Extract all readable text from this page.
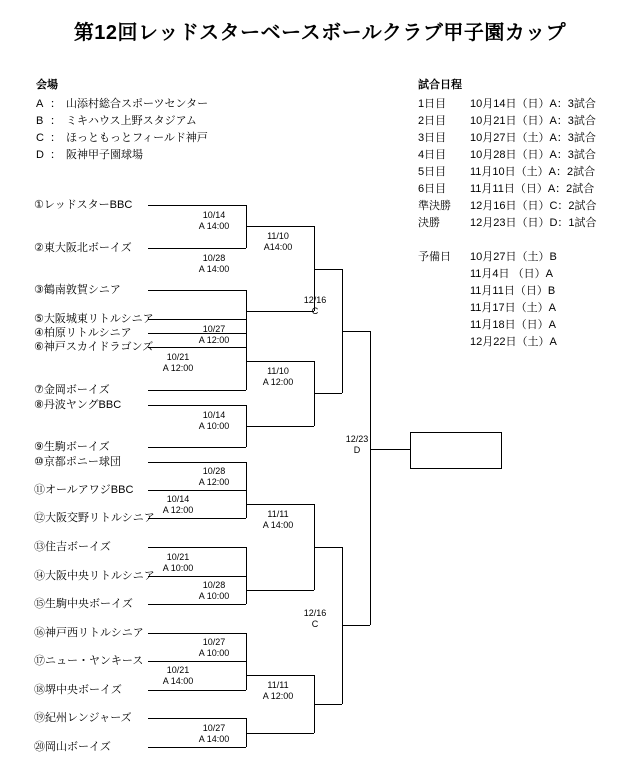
第12回レッドスターベースボールクラブ甲子園カップ
会場
A ： 山添村総合スポーツセンター
B ： ミキハウス上野スタジアム
C ： ほっともっとフィールド神戸
D ： 阪神甲子園球場
試合日程
1日目 10月14日（日）A：3試合
2日目 10月21日（日）A：3試合
3日目 10月27日（土）A：3試合
4日目 10月28日（日）A：3試合
5日目 11月10日（土）A：2試合
6日目 11月11日（日）A：2試合
準決勝 12月16日（日）C：2試合
決勝	12月23日（日）D：1試合
予備日 10月27日（土）B
11月4日 （日）A
11月11日（日）B
11月17日（土）A
11月18日（日）A
12月22日（土）A
①レッドスターBBC
②東大阪北ボーイズ
③鶴南敦賀シニア
④柏原リトルシニア
⑤大阪城東リトルシニア
⑥神戸スカイドラゴンズ
⑦金岡ボーイズ
⑧丹波ヤングBBC
⑨生駒ボーイズ
⑩京都ポニー球団
⑪オールアワジBBC
⑫大阪交野リトルシニア
⑬住吉ボーイズ
⑭大阪中央リトルシニア
⑮生駒中央ボーイズ
⑯神戸西リトルシニア
⑰ニュー・ヤンキース
⑱堺中央ボーイズ
⑲紀州レンジャーズ
⑳岡山ボーイズ
10/14
A 14:00
10/28
A 14:00
11/10
A14:00
10/27
A 12:00
10/21
A 12:00
10/14
A 10:00
11/10
A 12:00
12/16
C
10/28
A 12:00
10/14
A 12:00
10/21
A 10:00
10/28
A 10:00
11/11
A 14:00
10/27
A 10:00
10/21
A 14:00
10/27
A 14:00
11/11
A 12:00
12/16
C
12/23
D
